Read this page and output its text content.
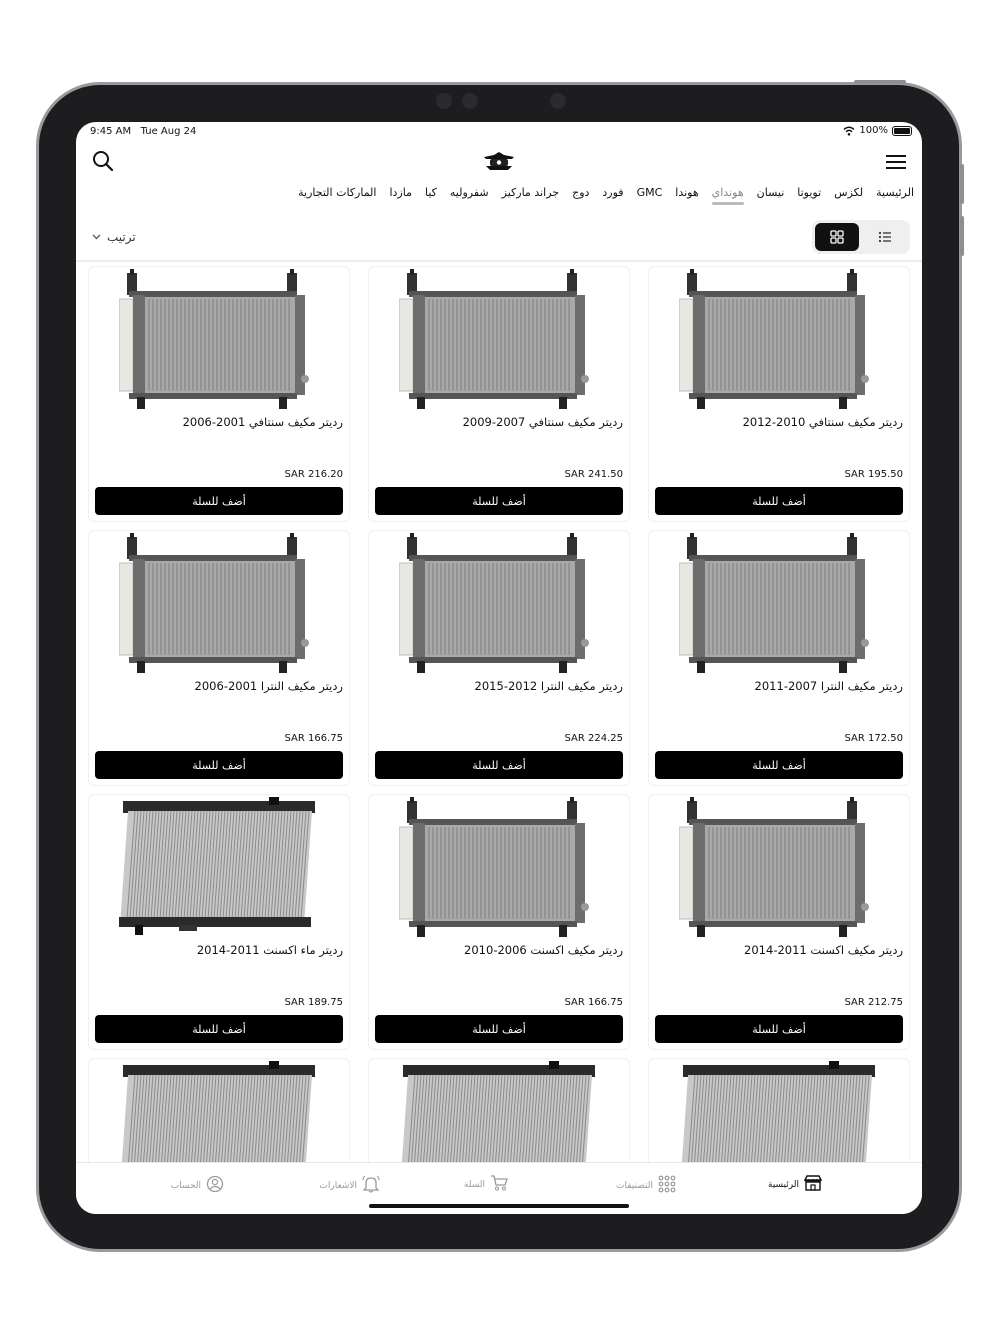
9:45 AM Tue Aug 24	100%
الرئيسية
لكزس
تويوتا
نيسان
هونداي
هوندا
GMC
فورد
دوج
جراند ماركيز
شفروليه
كيا
مازدا
الماركات التجارية
ترتيب
رديتر مكيف سنتافي 2010-2012
SAR 195.50
أضف للسلة
رديتر مكيف سنتافي 2007-2009
SAR 241.50
أضف للسلة
رديتر مكيف سنتافي 2001-2006
SAR 216.20
أضف للسلة
رديتر مكيف النترا 2007-2011
SAR 172.50
أضف للسلة
رديتر مكيف النترا 2012-2015
SAR 224.25
أضف للسلة
رديتر مكيف النترا 2001-2006
SAR 166.75
أضف للسلة
رديتر مكيف اكسنت 2011-2014
SAR 212.75
أضف للسلة
رديتر مكيف اكسنت 2006-2010
SAR 166.75
أضف للسلة
رديتر ماء اكسنت 2011-2014
SAR 189.75
أضف للسلة
الرئيسية
التصنيفات
السلة
الاشعارات
الحساب
